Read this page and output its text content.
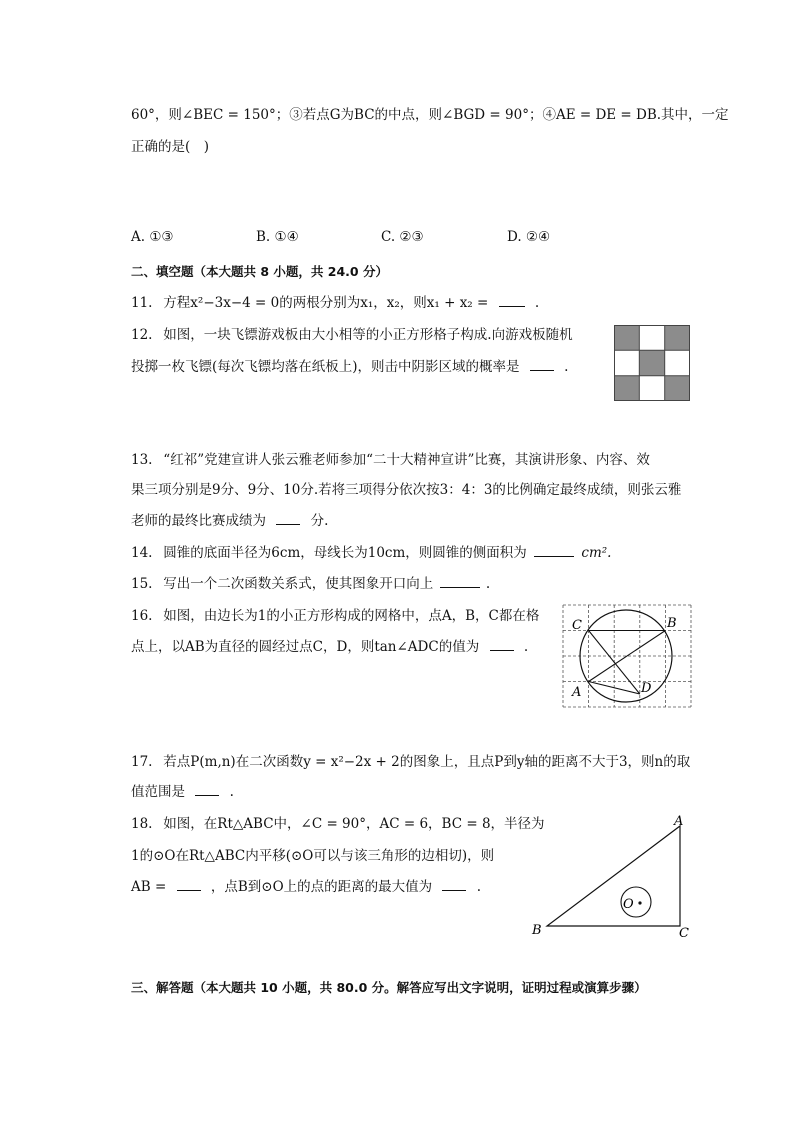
60°，则∠BEC = 150°；③若点G为BC的中点，则∠BGD = 90°；④AE = DE = DB.其中，一定
正确的是(　)
A. ①③	B. ①④	C. ②③	D. ②④
二、填空题（本大题共 8 小题，共 24.0 分）
11. 方程x²−3x−4 = 0的两根分别为x₁，x₂，则x₁ + x₂ =	.
12. 如图，一块飞镖游戏板由大小相等的小正方形格子构成.向游戏板随机
投掷一枚飞镖(每次飞镖均落在纸板上)，则击中阴影区域的概率是	.
13. “红祁”党建宣讲人张云雅老师参加“二十大精神宣讲”比赛，其演讲形象、内容、效
果三项分别是9分、9分、10分.若将三项得分依次按3：4：3的比例确定最终成绩，则张云雅
老师的最终比赛成绩为	分.
14. 圆锥的底面半径为6cm，母线长为10cm，则圆锥的侧面积为	cm².
15. 写出一个二次函数关系式，使其图象开口向上	.
16. 如图，由边长为1的小正方形构成的网格中，点A，B，C都在格
点上，以AB为直径的圆经过点C，D，则tan∠ADC的值为	.
C	B
A	D
17. 若点P(m,n)在二次函数y = x²−2x + 2的图象上，且点P到y轴的距离不大于3，则n的取
值范围是	.
18. 如图，在Rt△ABC中，∠C = 90°，AC = 6，BC = 8，半径为
1的⊙O在Rt△ABC内平移(⊙O可以与该三角形的边相切)，则
AB =	，点B到⊙O上的点的距离的最大值为	.
A
B	C
O
三、解答题（本大题共 10 小题，共 80.0 分。解答应写出文字说明，证明过程或演算步骤）
